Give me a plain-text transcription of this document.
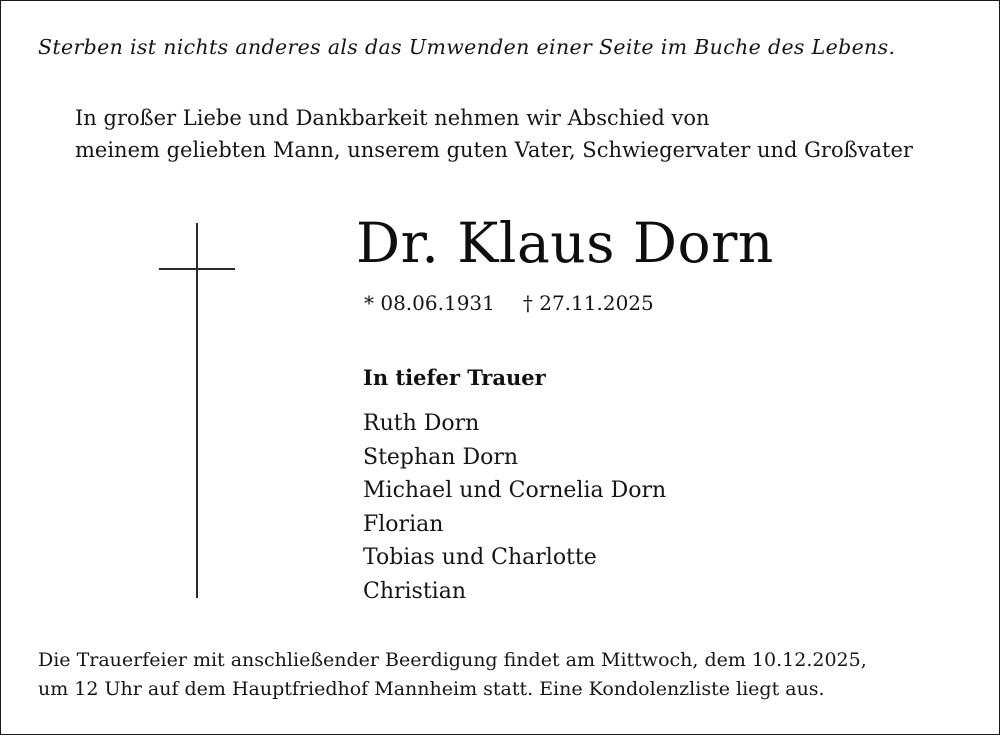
Sterben ist nichts anderes als das Umwenden einer Seite im Buche des Lebens.
In großer Liebe und Dankbarkeit nehmen wir Abschied von
meinem geliebten Mann, unserem guten Vater, Schwiegervater und Großvater
Dr. Klaus Dorn
* 08.06.1931 † 27.11.2025
In tiefer Trauer
Ruth Dorn
Stephan Dorn
Michael und Cornelia Dorn
Florian
Tobias und Charlotte
Christian
Die Trauerfeier mit anschließender Beerdigung findet am Mittwoch, dem 10.12.2025,
um 12 Uhr auf dem Hauptfriedhof Mannheim statt. Eine Kondolenzliste liegt aus.
